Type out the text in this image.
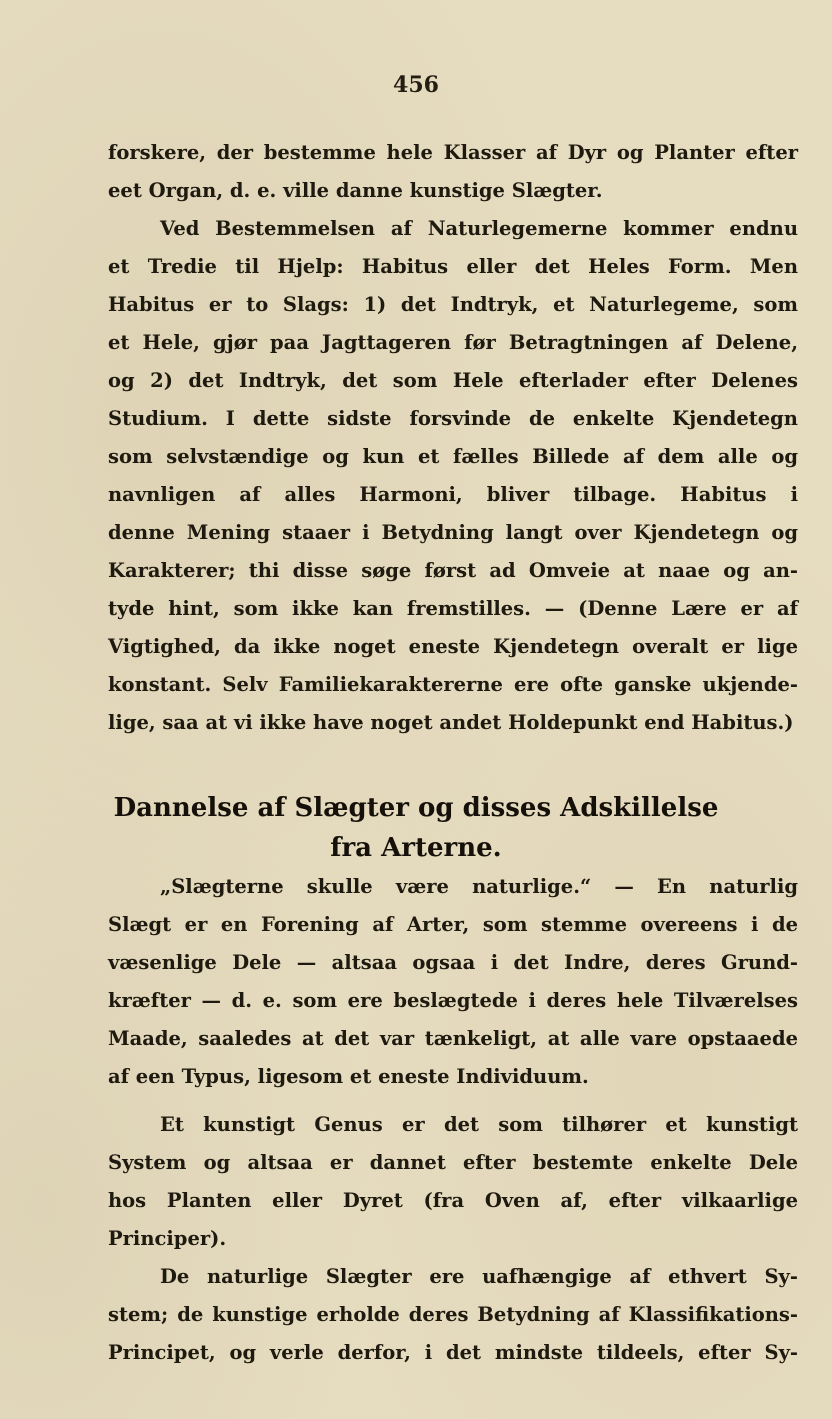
456
forskere, der bestemme hele Klasser af Dyr og Planter efter
eet Organ, d. e. ville danne kunstige Slægter.
Ved Bestemmelsen af Naturlegemerne kommer endnu
et Tredie til Hjelp: Habitus eller det Heles Form. Men
Habitus er to Slags: 1) det Indtryk, et Naturlegeme, som
et Hele, gjør paa Jagttageren før Betragtningen af Delene,
og 2) det Indtryk, det som Hele efterlader efter Delenes
Studium. I dette sidste forsvinde de enkelte Kjendetegn
som selvstændige og kun et fælles Billede af dem alle og
navnligen af alles Harmoni, bliver tilbage. Habitus i
denne Mening staaer i Betydning langt over Kjendetegn og
Karakterer; thi disse søge først ad Omveie at naae og an-
tyde hint, som ikke kan fremstilles. — (Denne Lære er af
Vigtighed, da ikke noget eneste Kjendetegn overalt er lige
konstant. Selv Familiekaraktererne ere ofte ganske ukjende-
lige, saa at vi ikke have noget andet Holdepunkt end Habitus.)
Dannelse af Slægter og disses Adskillelse
fra Arterne.
„Slægterne skulle være naturlige.“ — En naturlig
Slægt er en Forening af Arter, som stemme overeens i de
væsenlige Dele — altsaa ogsaa i det Indre, deres Grund-
kræfter — d. e. som ere beslægtede i deres hele Tilværelses
Maade, saaledes at det var tænkeligt, at alle vare opstaaede
af een Typus, ligesom et eneste Individuum.
Et kunstigt Genus er det som tilhører et kunstigt
System og altsaa er dannet efter bestemte enkelte Dele
hos Planten eller Dyret (fra Oven af, efter vilkaarlige
Principer).
De naturlige Slægter ere uafhængige af ethvert Sy-
stem; de kunstige erholde deres Betydning af Klassifikations-
Principet, og verle derfor, i det mindste tildeels, efter Sy-
